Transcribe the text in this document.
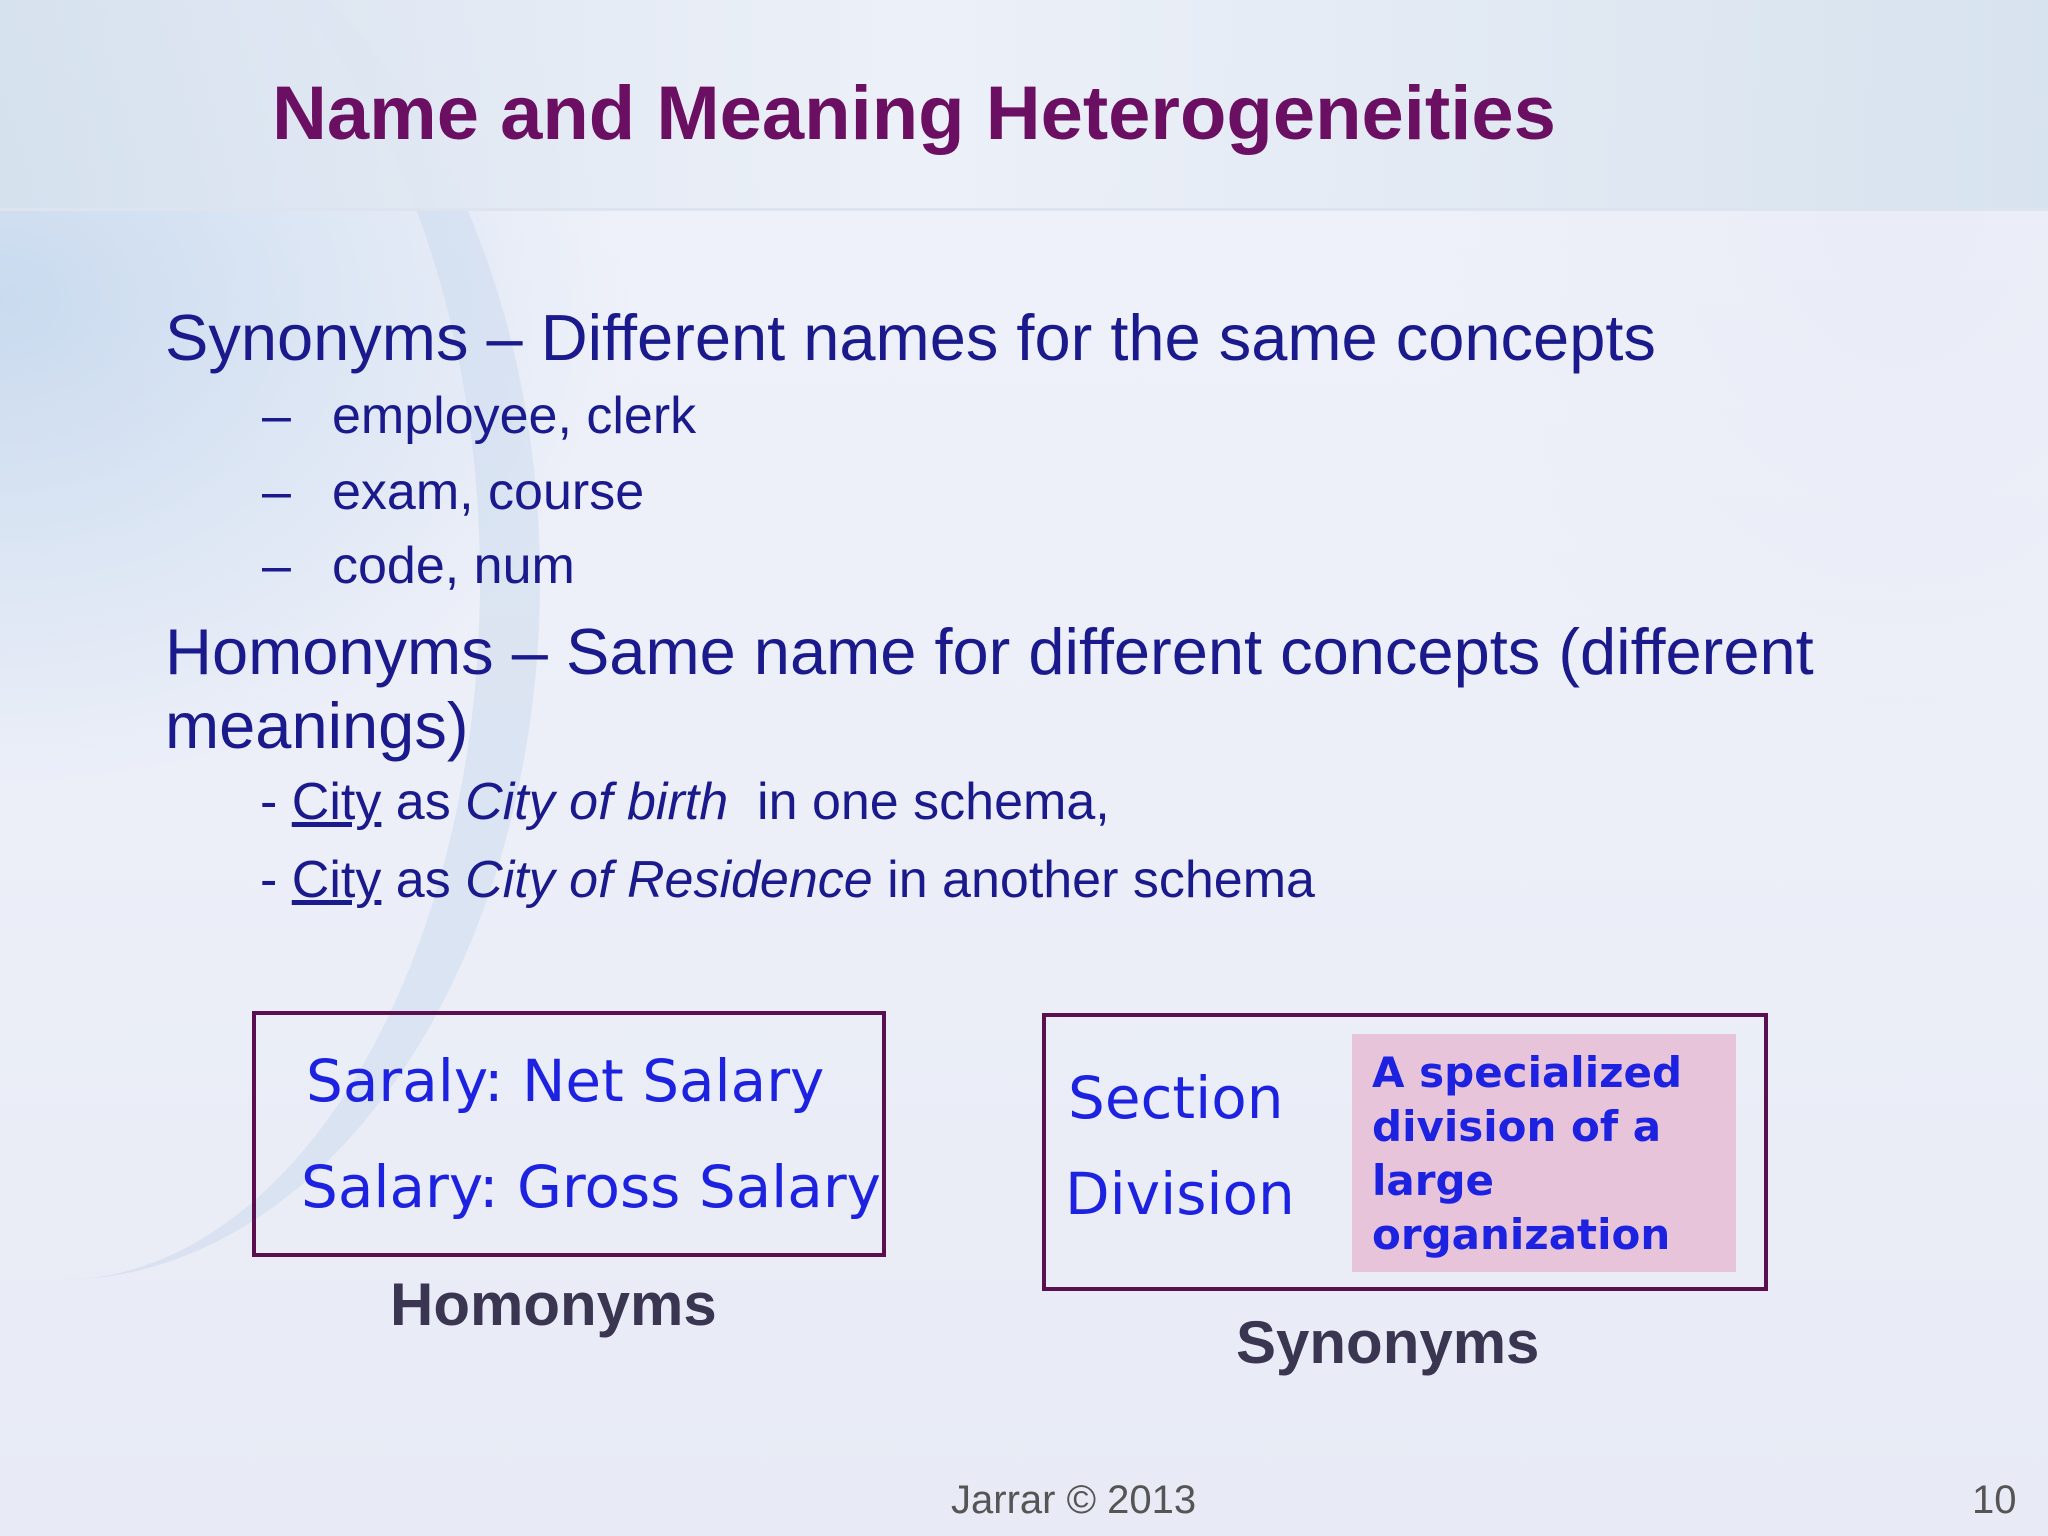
Name and Meaning Heterogeneities
Synonyms – Different names for the same concepts
– employee, clerk
– exam, course
– code, num
Homonyms – Same name for different concepts (different
meanings)
- City as City of birth  in one schema,
- City as City of Residence in another schema
Saraly: Net Salary
Salary: Gross Salary
Homonyms
Section
Division
A specialized
division of a
large
organization
Synonyms
Jarrar © 2013	10
